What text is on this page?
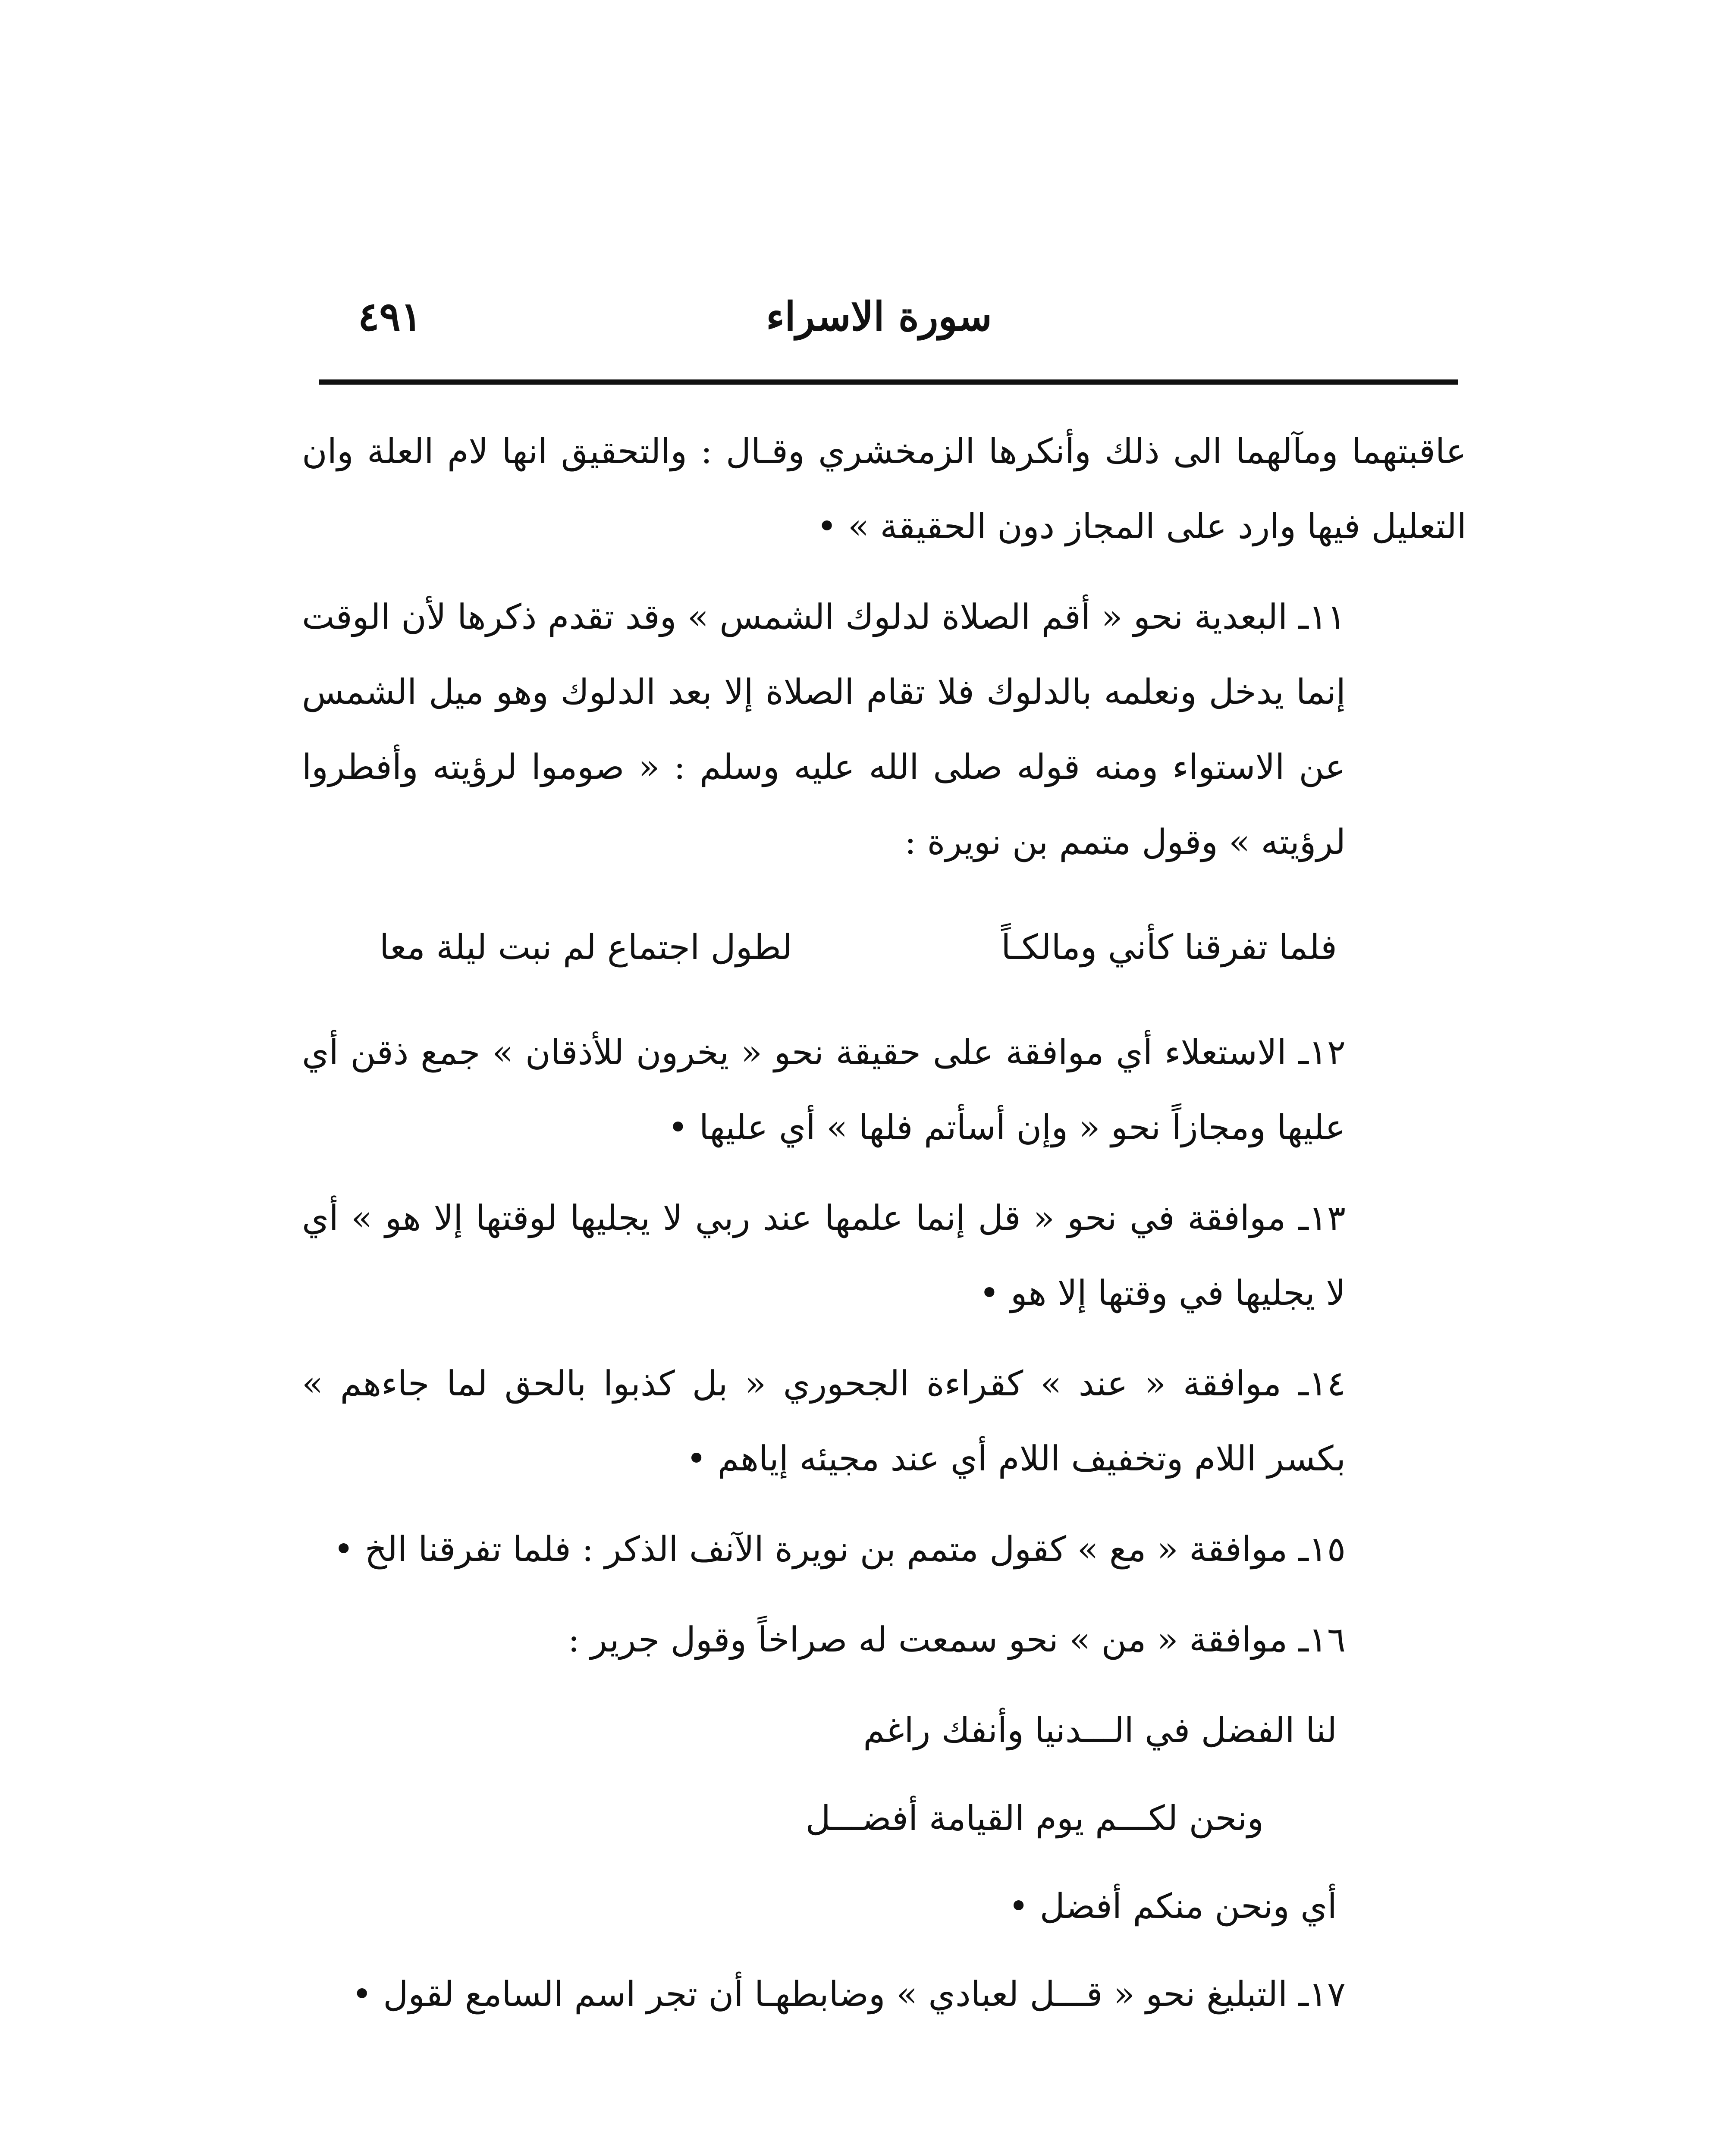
سورة الاسراء
٤٩١

عاقبتهما ومآلهما الى ذلك وأنكرها الزمخشري وقـال : والتحقيق انها لام العلة وان التعليل فيها وارد على المجاز دون الحقيقة » •

١١ـ البعدية نحو « أقم الصلاة لدلوك الشمس » وقد تقدم ذكرها لأن الوقت إنما يدخل ونعلمه بالدلوك فلا تقام الصلاة إلا بعد الدلوك وهو ميل الشمس عن الاستواء ومنه قوله صلى الله عليه وسلم : « صوموا لرؤيته وأفطروا لرؤيته » وقول متمم بن نويرة :

فلما تفرقنا كأني ومالكـاً
لطول اجتماع لم نبت ليلة معا

١٢ـ الاستعلاء أي موافقة على حقيقة نحو « يخرون للأذقان » جمع ذقن أي عليها ومجازاً نحو « وإن أسأتم فلها » أي عليها •

١٣ـ موافقة في نحو « قل إنما علمها عند ربي لا يجليها لوقتها إلا هو » أي لا يجليها في وقتها إلا هو •

١٤ـ موافقة « عند » كقراءة الجحوري « بل كذبوا بالحق لما جاءهم » بكسر اللام وتخفيف اللام أي عند مجيئه إياهم •

١٥ـ موافقة « مع » كقول متمم بن نويرة الآنف الذكر : فلما تفرقنا الخ •

١٦ـ موافقة « من » نحو سمعت له صراخاً وقول جرير :

لنا الفضل في الـــدنيا وأنفك راغم
ونحن لكـــم يوم القيامة أفضـــل
أي ونحن منكم أفضل •

١٧ـ التبليغ نحو « قـــل لعبادي » وضابطهـا أن تجر اسم السامع لقول •
